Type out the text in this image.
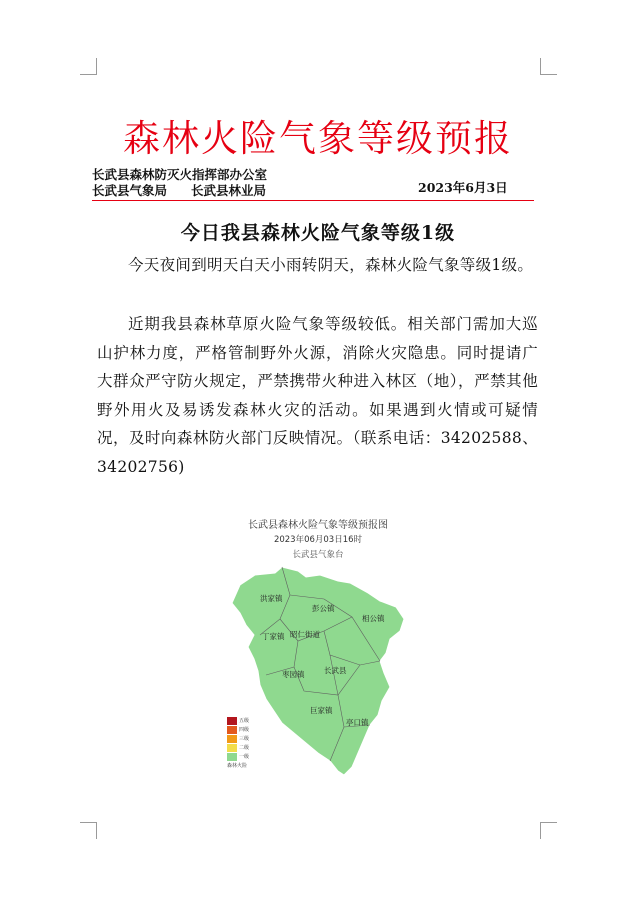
森林火险气象等级预报
长武县森林防灭火指挥部办公室
长武县气象局 长武县林业局	2023年6月3日
今日我县森林火险气象等级1级
今天夜间到明天白天小雨转阴天，森林火险气象等级1级。
近期我县森林草原火险气象等级较低。相关部门需加大巡山护林力度，严格管制野外火源，消除火灾隐患。同时提请广大群众严守防火规定，严禁携带火种进入林区（地），严禁其他野外用火及易诱发森林火灾的活动。如果遇到火情或可疑情况，及时向森林防火部门反映情况。（联系电话：34202588、34202756)
长武县森林火险气象等级预报图
2023年06月03日16时
长武县气象台
洪家镇
彭公镇
相公镇
丁家镇 昭仁街道
枣园镇	长武县
巨家镇
亭口镇
五级
四级
三级
二级
一级
森林火险
